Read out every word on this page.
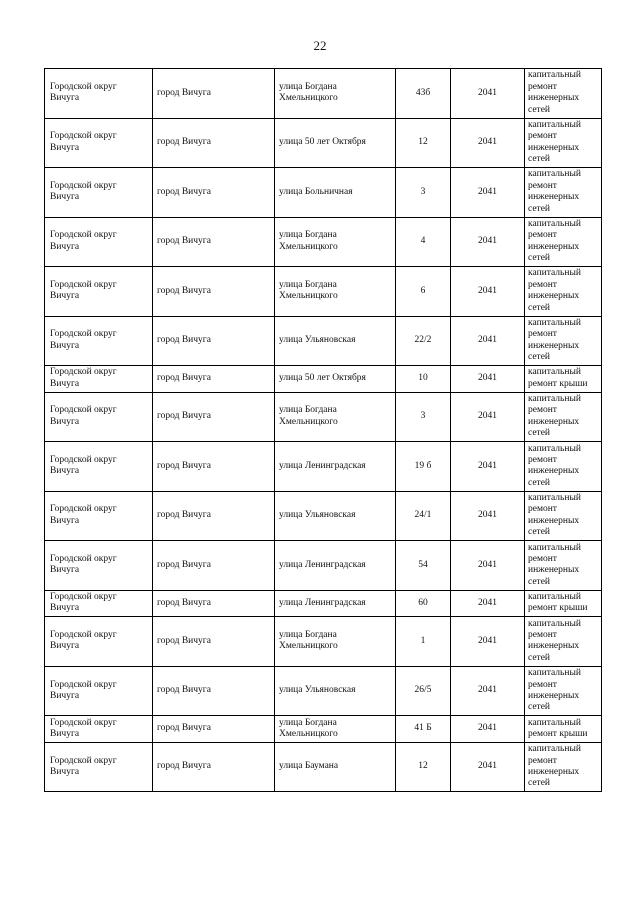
22
Городской округ Вичуга	город Вичуга	улица Богдана Хмельницкого	43б	2041	капитальный ремонт инженерных сетей

Городской округ Вичуга	город Вичуга	улица 50 лет Октября	12	2041	капитальный ремонт инженерных сетей

Городской округ Вичуга	город Вичуга	улица Больничная	3	2041	капитальный ремонт инженерных сетей

Городской округ Вичуга	город Вичуга	улица Богдана Хмельницкого	4	2041	капитальный ремонт инженерных сетей

Городской округ Вичуга	город Вичуга	улица Богдана Хмельницкого	6	2041	капитальный ремонт инженерных сетей

Городской округ Вичуга	город Вичуга	улица Ульяновская	22/2	2041	капитальный ремонт инженерных сетей

Городской округ Вичуга	город Вичуга	улица 50 лет Октября	10	2041	капитальный ремонт крыши

Городской округ Вичуга	город Вичуга	улица Богдана Хмельницкого	3	2041	капитальный ремонт инженерных сетей

Городской округ Вичуга	город Вичуга	улица Ленинградская	19 б	2041	капитальный ремонт инженерных сетей

Городской округ Вичуга	город Вичуга	улица Ульяновская	24/1	2041	капитальный ремонт инженерных сетей

Городской округ Вичуга	город Вичуга	улица Ленинградская	54	2041	капитальный ремонт инженерных сетей

Городской округ Вичуга	город Вичуга	улица Ленинградская	60	2041	капитальный ремонт крыши

Городской округ Вичуга	город Вичуга	улица Богдана Хмельницкого	1	2041	капитальный ремонт инженерных сетей

Городской округ Вичуга	город Вичуга	улица Ульяновская	26/5	2041	капитальный ремонт инженерных сетей

Городской округ Вичуга	город Вичуга	улица Богдана Хмельницкого	41 Б	2041	капитальный ремонт крыши

Городской округ Вичуга	город Вичуга	улица Баумана	12	2041	капитальный ремонт инженерных сетей
